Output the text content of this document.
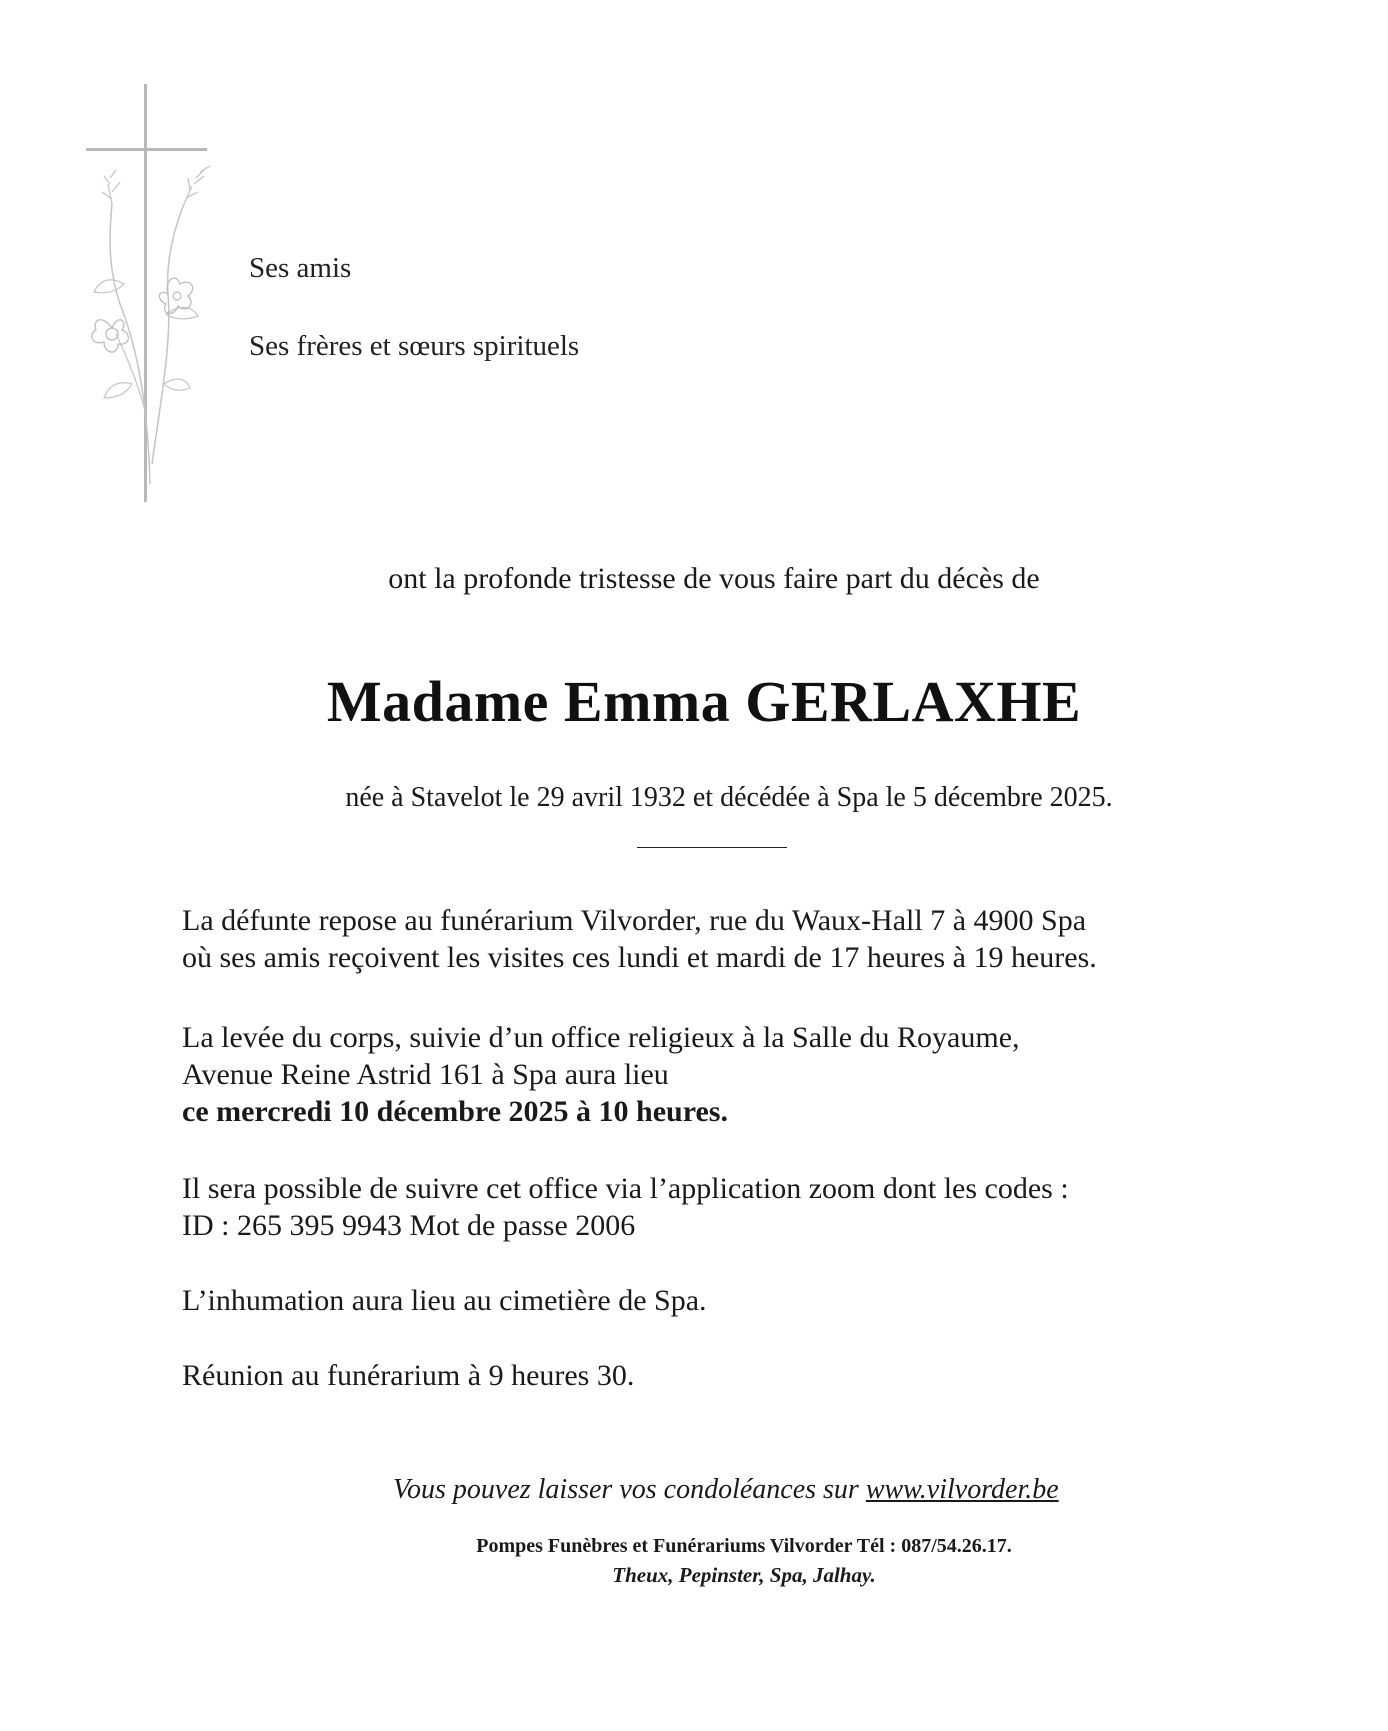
Ses amis
Ses frères et sœurs spirituels
ont la profonde tristesse de vous faire part du décès de
Madame Emma GERLAXHE
née à Stavelot le 29 avril 1932 et décédée à Spa le 5 décembre 2025.
La défunte repose au funérarium Vilvorder, rue du Waux-Hall 7 à 4900 Spa
où ses amis reçoivent les visites ces lundi et mardi de 17 heures à 19 heures.
La levée du corps, suivie d’un office religieux à la Salle du Royaume,
Avenue Reine Astrid 161 à Spa aura lieu
ce mercredi 10 décembre 2025 à 10 heures.
Il sera possible de suivre cet office via l’application zoom dont les codes :
ID : 265 395 9943 Mot de passe 2006
L’inhumation aura lieu au cimetière de Spa.
Réunion au funérarium à 9 heures 30.
Vous pouvez laisser vos condoléances sur www.vilvorder.be
Pompes Funèbres et Funérariums Vilvorder Tél : 087/54.26.17.
Theux, Pepinster, Spa, Jalhay.
